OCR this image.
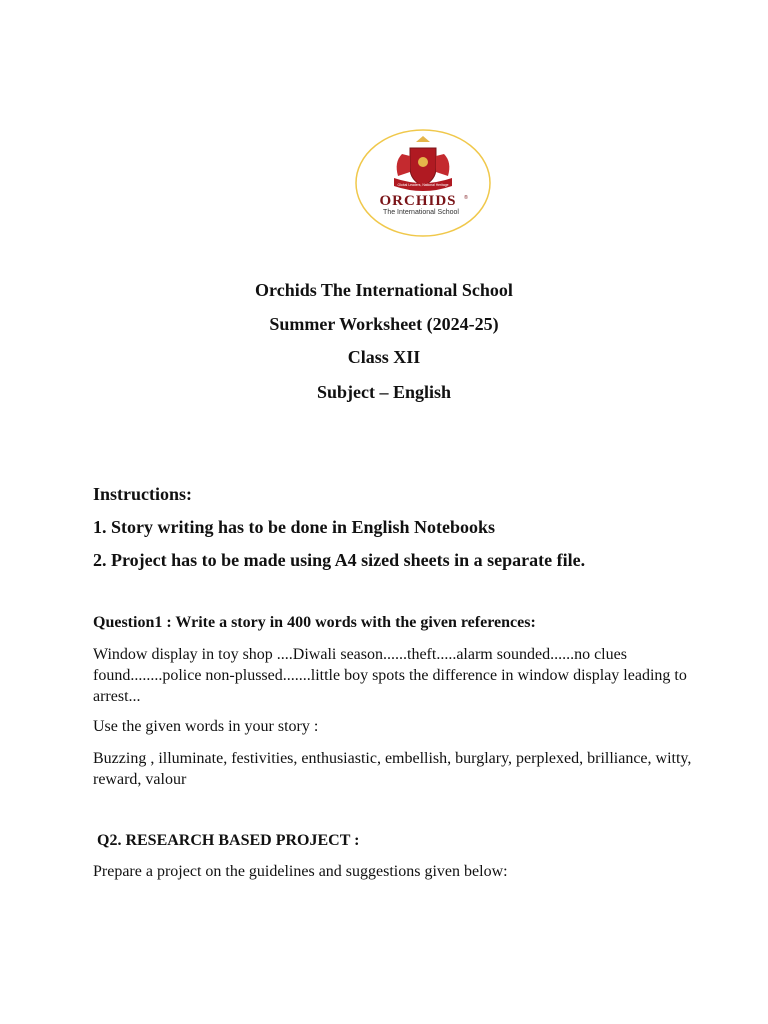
Global Leaders, National Heritage
ORCHIDS ®
The International School
Orchids The International School
Summer Worksheet (2024-25)
Class XII
Subject – English
Instructions:
1. Story writing has to be done in English Notebooks
2. Project has to be made using A4 sized sheets in a separate file.
Question1 : Write a story in 400 words with the given references:
Window display in toy shop ....Diwali season......theft.....alarm sounded......no clues found........police non-plussed.......little boy spots the difference in window display leading to arrest...
Use the given words in your story :
Buzzing , illuminate, festivities, enthusiastic, embellish, burglary, perplexed, brilliance, witty, reward, valour
Q2. RESEARCH BASED PROJECT :
Prepare a project on the guidelines and suggestions given below:
